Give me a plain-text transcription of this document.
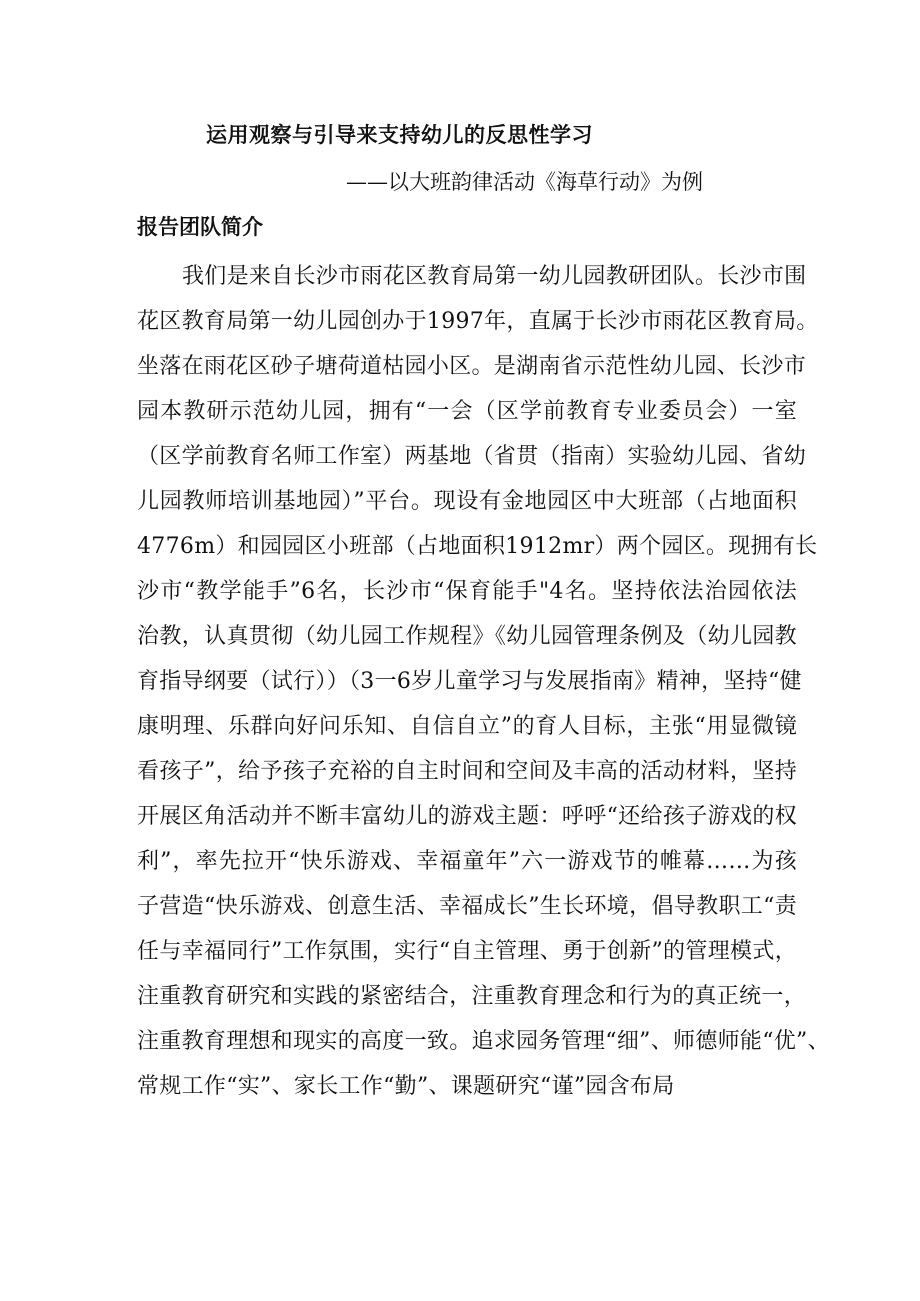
运用观察与引导来支持幼儿的反思性学习
——以大班韵律活动《海草行动》为例
报告团队简介
我们是来自长沙市雨花区教育局第一幼儿园教研团队。长沙市围
花区教育局第一幼儿园创办于1997年，直属于长沙市雨花区教育局。
坐落在雨花区砂子塘荷道枯园小区。是湖南省示范性幼儿园、长沙市
园本教研示范幼儿园，拥有“一会（区学前教育专业委员会）一室
（区学前教育名师工作室）两基地（省贯（指南）实验幼儿园、省幼
儿园教师培训基地园）”平台。现设有金地园区中大班部（占地面积
4776m）和园园区小班部（占地面积1912mr）两个园区。现拥有长
沙市“教学能手”6名，长沙市“保育能手"4名。坚持依法治园依法
治教，认真贯彻（幼儿园工作规程》《幼儿园管理条例及（幼儿园教
育指导纲要（试行））（3一6岁儿童学习与发展指南》精神，坚持“健
康明理、乐群向好问乐知、自信自立”的育人目标，主张“用显微镜
看孩子”，给予孩子充裕的自主时间和空间及丰高的活动材料，坚持
开展区角活动并不断丰富幼儿的游戏主题：呼呼“还给孩子游戏的权
利”，率先拉开“快乐游戏、幸福童年”六一游戏节的帷幕……为孩
子营造“快乐游戏、创意生活、幸福成长”生长环境，倡导教职工“责
任与幸福同行”工作氛围，实行“自主管理、勇于创新”的管理模式，
注重教育研究和实践的紧密结合，注重教育理念和行为的真正统一，
注重教育理想和现实的高度一致。追求园务管理“细”、师德师能“优”、
常规工作“实”、家长工作“勤”、课题研究“谨”园含布局
